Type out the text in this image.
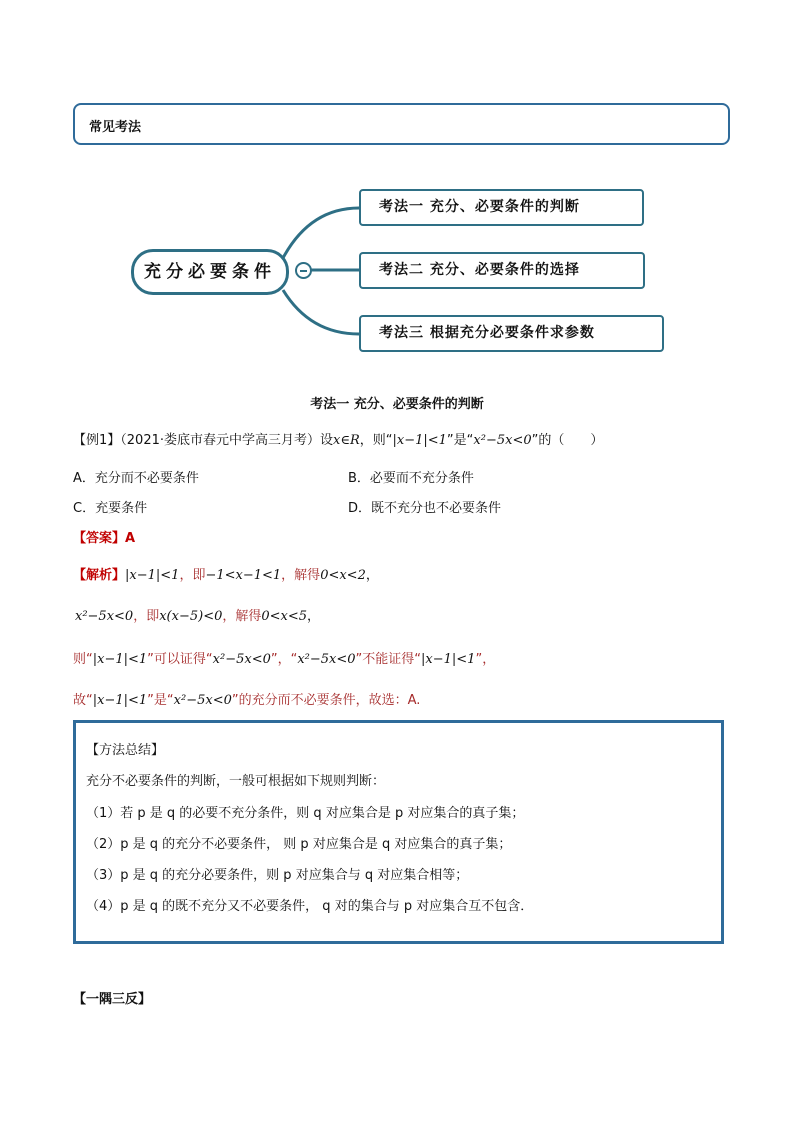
常见考法
充分必要条件
考法一 充分、必要条件的判断
考法二 充分、必要条件的选择
考法三 根据充分必要条件求参数
考法一 充分、必要条件的判断
【例1】（2021·娄底市春元中学高三月考）设x∈R，则“|x−1|<1”是“x²−5x<0”的（　　）
A．充分而不必要条件	B．必要而不充分条件
C．充要条件	D．既不充分也不必要条件
【答案】A
【解析】|x−1|<1，即−1<x−1<1，解得0<x<2，
x²−5x<0，即x(x−5)<0，解得0<x<5，
则“|x−1|<1”可以证得“x²−5x<0”，“x²−5x<0”不能证得“|x−1|<1”，
故“|x−1|<1”是“x²−5x<0”的充分而不必要条件，故选：A.
【方法总结】
充分不必要条件的判断，一般可根据如下规则判断：
（1）若 p 是 q 的必要不充分条件，则 q 对应集合是 p 对应集合的真子集；
（2）p 是 q 的充分不必要条件， 则 p 对应集合是 q 对应集合的真子集；
（3）p 是 q 的充分必要条件，则 p 对应集合与 q 对应集合相等；
（4）p 是 q 的既不充分又不必要条件， q 对的集合与 p 对应集合互不包含．
【一隅三反】
